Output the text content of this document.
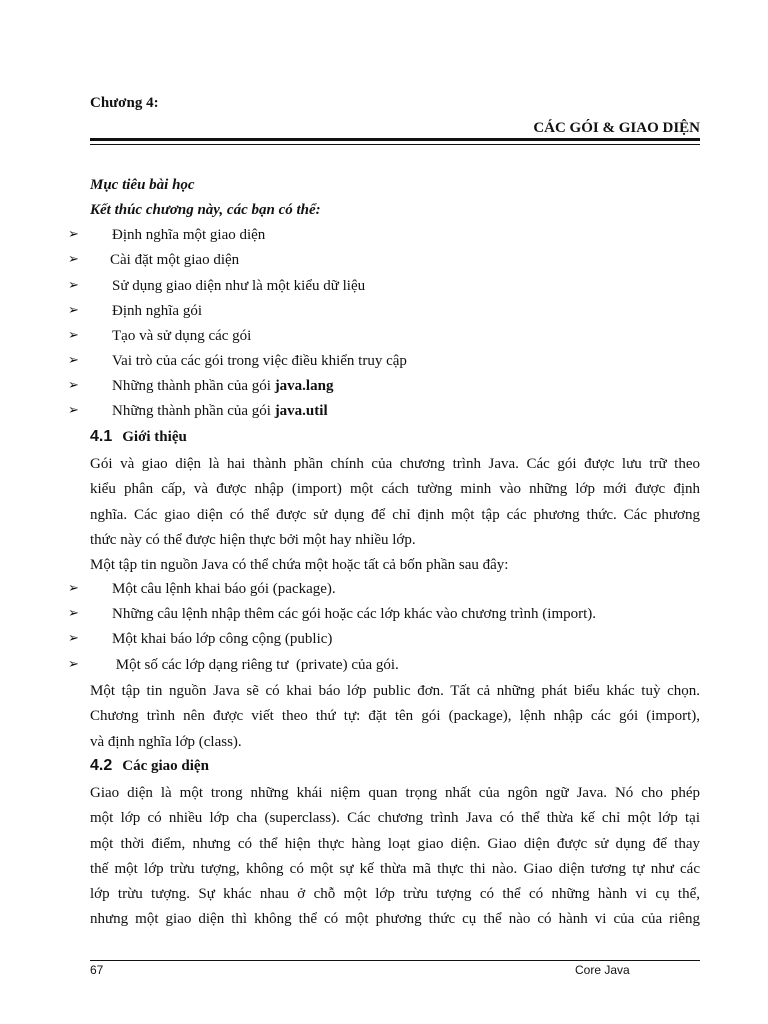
Chương 4:
CÁC GÓI & GIAO DIỆN
Mục tiêu bài học
Kết thúc chương này, các bạn có thể:
➢ Định nghĩa một giao diện
➢ Cài đặt một giao diện
➢ Sử dụng giao diện như là một kiểu dữ liệu
➢ Định nghĩa gói
➢ Tạo và sử dụng các gói
➢ Vai trò của các gói trong việc điều khiển truy cập
➢ Những thành phần của gói java.lang
➢ Những thành phần của gói java.util
4.1 Giới thiệu
Gói và giao diện là hai thành phần chính của chương trình Java. Các gói được lưu trữ theo
kiểu phân cấp, và được nhập (import) một cách tường minh vào những lớp mới được định
nghĩa. Các giao diện có thể được sử dụng để chỉ định một tập các phương thức. Các phương
thức này có thể được hiện thực bởi một hay nhiều lớp.
Một tập tin nguồn Java có thể chứa một hoặc tất cả bốn phần sau đây:
➢ Một câu lệnh khai báo gói (package).
➢ Những câu lệnh nhập thêm các gói hoặc các lớp khác vào chương trình (import).
➢ Một khai báo lớp công cộng (public)
➢ Một số các lớp dạng riêng tư  (private) của gói.
Một tập tin nguồn Java sẽ có khai báo lớp public đơn. Tất cả những phát biểu khác tuỳ chọn.
Chương trình nên được viết theo thứ tự: đặt tên gói (package), lệnh nhập các gói (import),
và định nghĩa lớp (class).
4.2 Các giao diện
Giao diện là một trong những khái niệm quan trọng nhất của ngôn ngữ Java. Nó cho phép
một lớp có nhiều lớp cha (superclass). Các chương trình Java có thể thừa kế chỉ một lớp tại
một thời điểm, nhưng có thể hiện thực hàng loạt giao diện. Giao diện được sử dụng để thay
thế một lớp trừu tượng, không có một sự kế thừa mã thực thi nào. Giao diện tương tự như các
lớp trừu tượng. Sự khác nhau ở chỗ một lớp trừu tượng có thể có những hành vi cụ thể,
nhưng một giao diện thì không thể có một phương thức cụ thể nào có hành vi của của riêng
67	Core Java
